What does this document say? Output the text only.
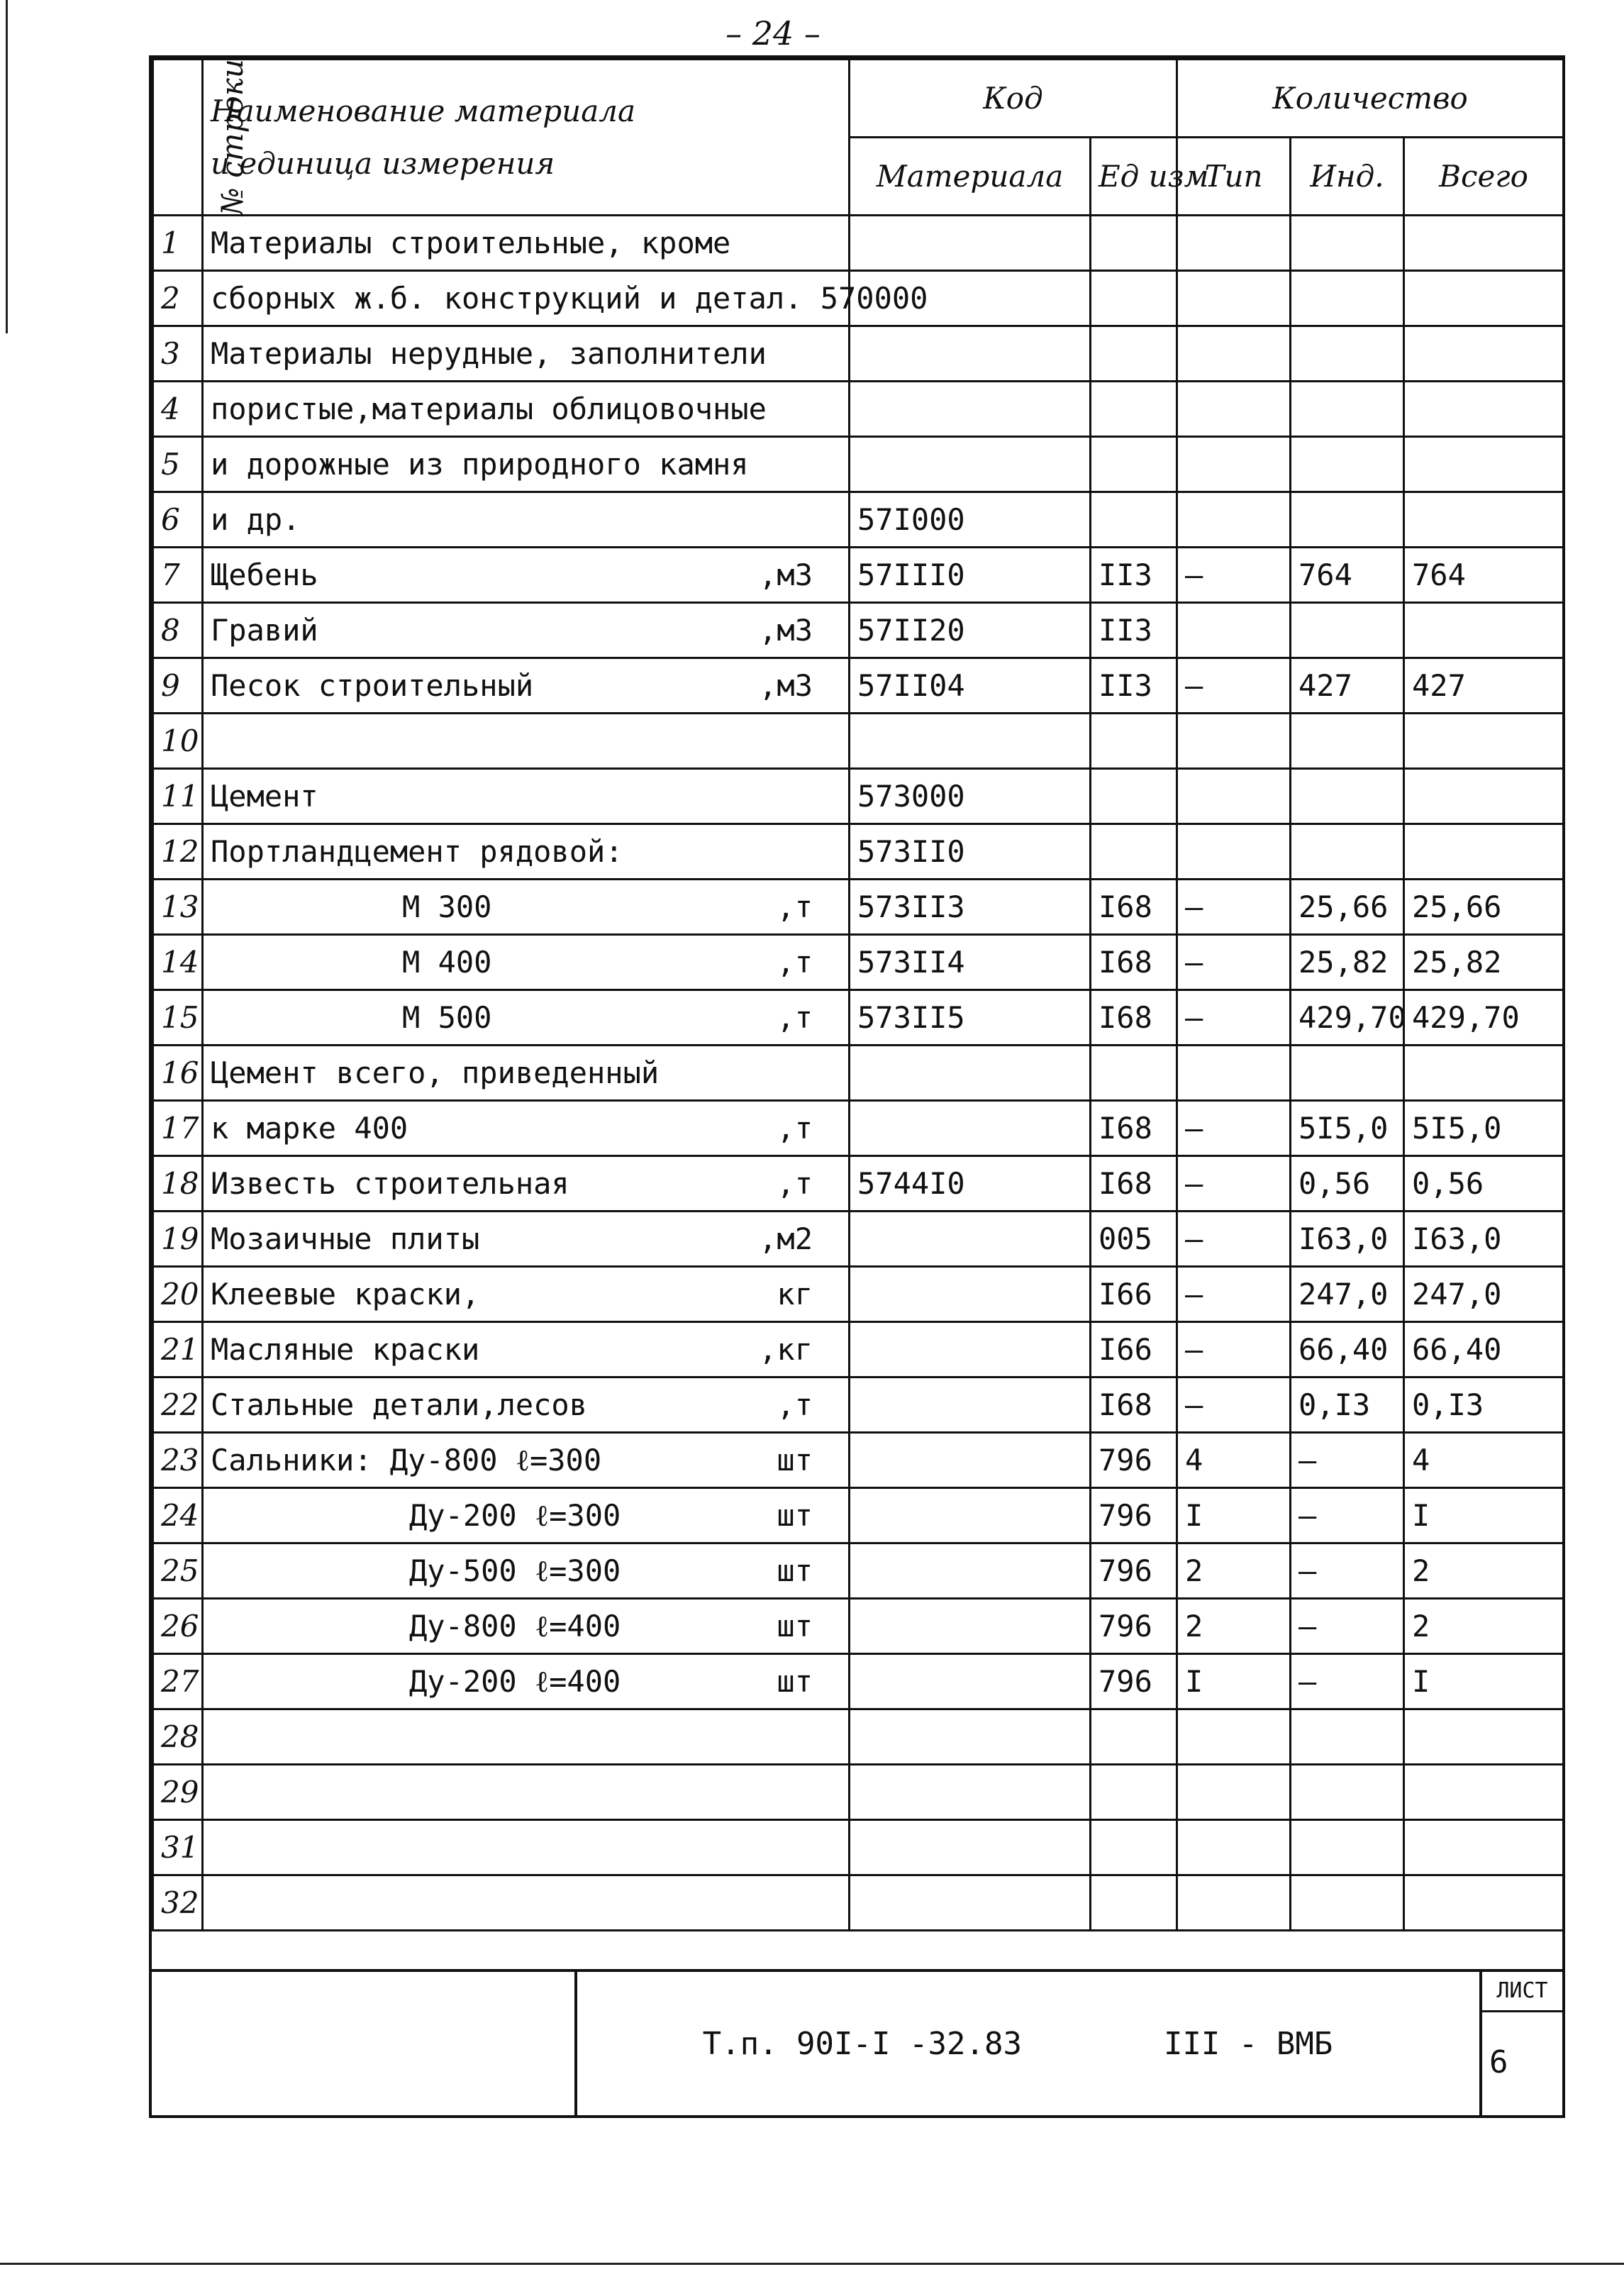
– 24 –
№ строки	Наименование материала
и единица измерения	Код		Количество		
		Материала	Ед изм	Тип	Инд.	Всего
1	Материалы строительные, кроме					

2	сборных ж.б. конструкций и детал. 570000					

3	Материалы нерудные, заполнители					

4	пористые,материалы облицовочные					

5	и дорожные из природного камня					

6	и др.	57I000				
7	Щебень ,м3	57III0	II3	–	764	764
8	Гравий ,м3	57II20	II3			
9	Песок строительный ,м3	57II04	II3	–	427	427
10	

11	Цемент	573000				
12	Портландцемент рядовой:	573II0				
13	М 300 ,т	573II3	I68	–	25,66	25,66
14	М 400 ,т	573II4	I68	–	25,82	25,82
15	М 500 ,т	573II5	I68	–	429,70	429,70
16	Цемент всего, приведенный					

17	к марке 400 ,т		I68	–	5I5,0	5I5,0
18	Известь строительная ,т	5744I0	I68	–	0,56	0,56
19	Мозаичные плиты ,м2		005	–	I63,0	I63,0
20	Клеевые краски, кг		I66	–	247,0	247,0
21	Масляные краски ,кг		I66	–	66,40	66,40
22	Стальные детали,лесов ,т		I68	–	0,I3	0,I3
23	Сальники: Ду-800 ℓ=300 шт		796	4	–	4
24	Ду-200 ℓ=300 шт		796	I	–	I
25	Ду-500 ℓ=300 шт		796	2	–	2
26	Ду-800 ℓ=400 шт		796	2	–	2
27	Ду-200 ℓ=400 шт		796	I	–	I
28	

29	

31	

32	

Т.п. 90I-I -32.83	III - ВМБ
ЛИСТ
6
